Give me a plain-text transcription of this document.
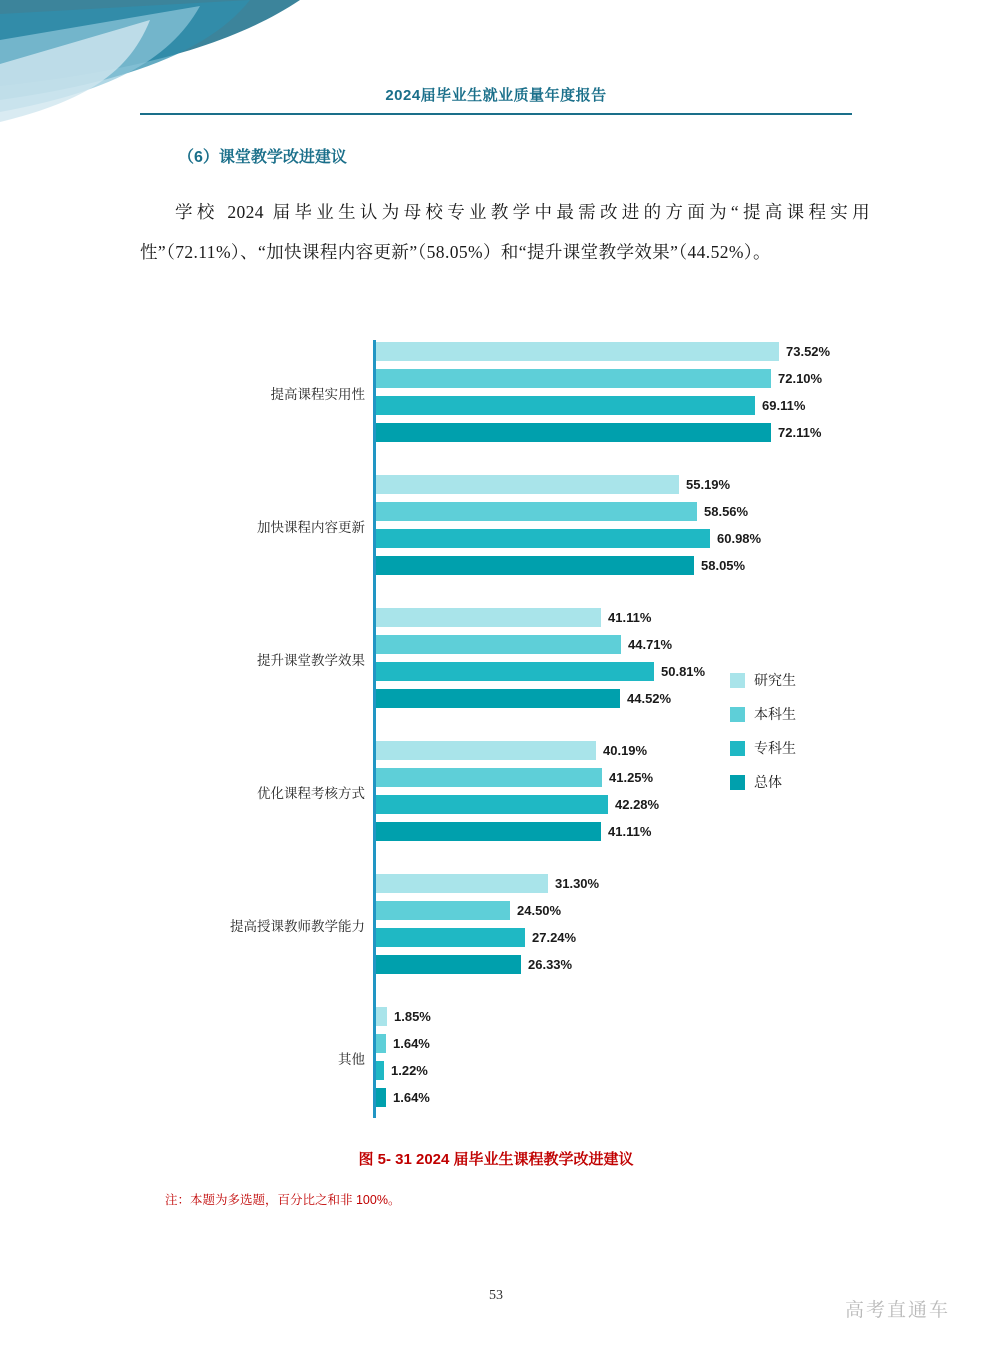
2024届毕业生就业质量年度报告
（6）课堂教学改进建议
学校 2024 届毕业生认为母校专业教学中最需改进的方面为“提高课程实用性”（72.11%）、“加快课程内容更新”（58.05%）和“提升课堂教学效果”（44.52%）。
提高课程实用性
73.52%
72.10%
69.11%
72.11%
加快课程内容更新
55.19%
58.56%
60.98%
58.05%
提升课堂教学效果
41.11%
44.71%
50.81%
44.52%
优化课程考核方式
40.19%
41.25%
42.28%
41.11%
提高授课教师教学能力
31.30%
24.50%
27.24%
26.33%
其他
1.85%
1.64%
1.22%
1.64%
研究生
本科生
专科生
总体
图 5- 31 2024 届毕业生课程教学改进建议
注：本题为多选题，百分比之和非 100%。
53
高考直通车
